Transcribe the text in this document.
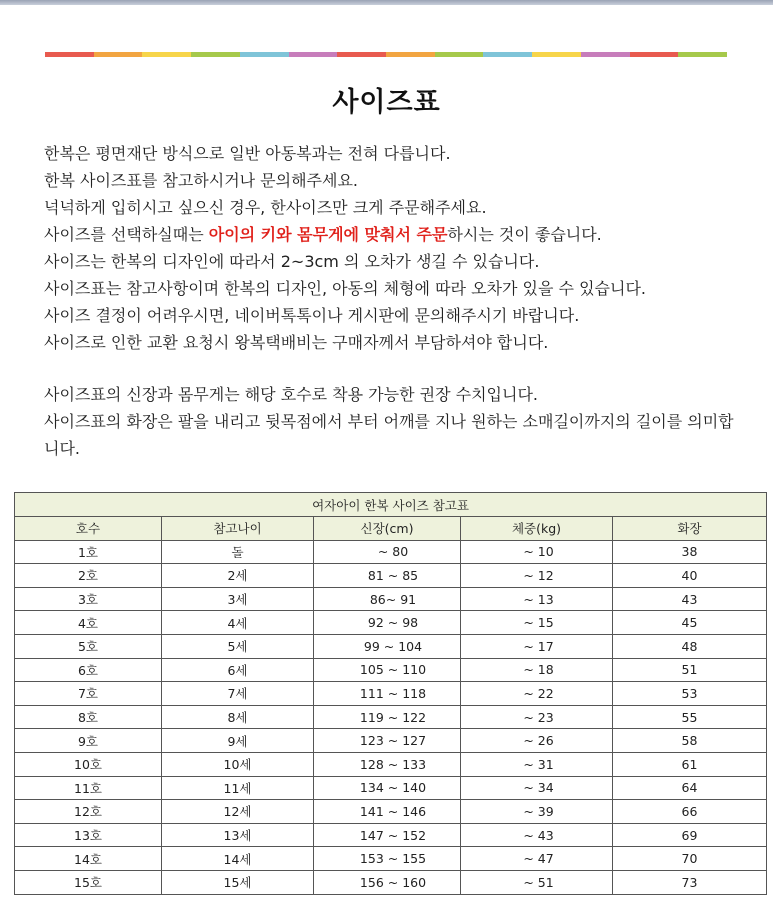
사이즈표

한복은 평면재단 방식으로 일반 아동복과는 전혀 다릅니다.

한복 사이즈표를 참고하시거나 문의해주세요.

넉넉하게 입히시고 싶으신 경우, 한사이즈만 크게 주문해주세요.

사이즈를 선택하실때는 아이의 키와 몸무게에 맞춰서 주문하시는 것이 좋습니다.

사이즈는 한복의 디자인에 따라서 2~3cm 의 오차가 생길 수 있습니다.

사이즈표는 참고사항이며 한복의 디자인, 아동의 체형에 따라 오차가 있을 수 있습니다.

사이즈 결정이 어려우시면, 네이버톡톡이나 게시판에 문의해주시기 바랍니다.

사이즈로 인한 교환 요청시 왕복택배비는 구매자께서 부담하셔야 합니다.

사이즈표의 신장과 몸무게는 해당 호수로 착용 가능한 권장 수치입니다.

사이즈표의 화장은 팔을 내리고 뒷목점에서 부터 어깨를 지나 원하는 소매길이까지의 길이를 의미합니다.

여자아이 한복 사이즈 참고표				
호수	참고나이	신장(cm)	체중(kg)	화장
1호	돌	~ 80	~ 10	38
2호	2세	81 ~ 85	~ 12	40
3호	3세	86~ 91	~ 13	43
4호	4세	92 ~ 98	~ 15	45
5호	5세	99 ~ 104	~ 17	48
6호	6세	105 ~ 110	~ 18	51
7호	7세	111 ~ 118	~ 22	53
8호	8세	119 ~ 122	~ 23	55
9호	9세	123 ~ 127	~ 26	58
10호	10세	128 ~ 133	~ 31	61
11호	11세	134 ~ 140	~ 34	64
12호	12세	141 ~ 146	~ 39	66
13호	13세	147 ~ 152	~ 43	69
14호	14세	153 ~ 155	~ 47	70
15호	15세	156 ~ 160	~ 51	73
